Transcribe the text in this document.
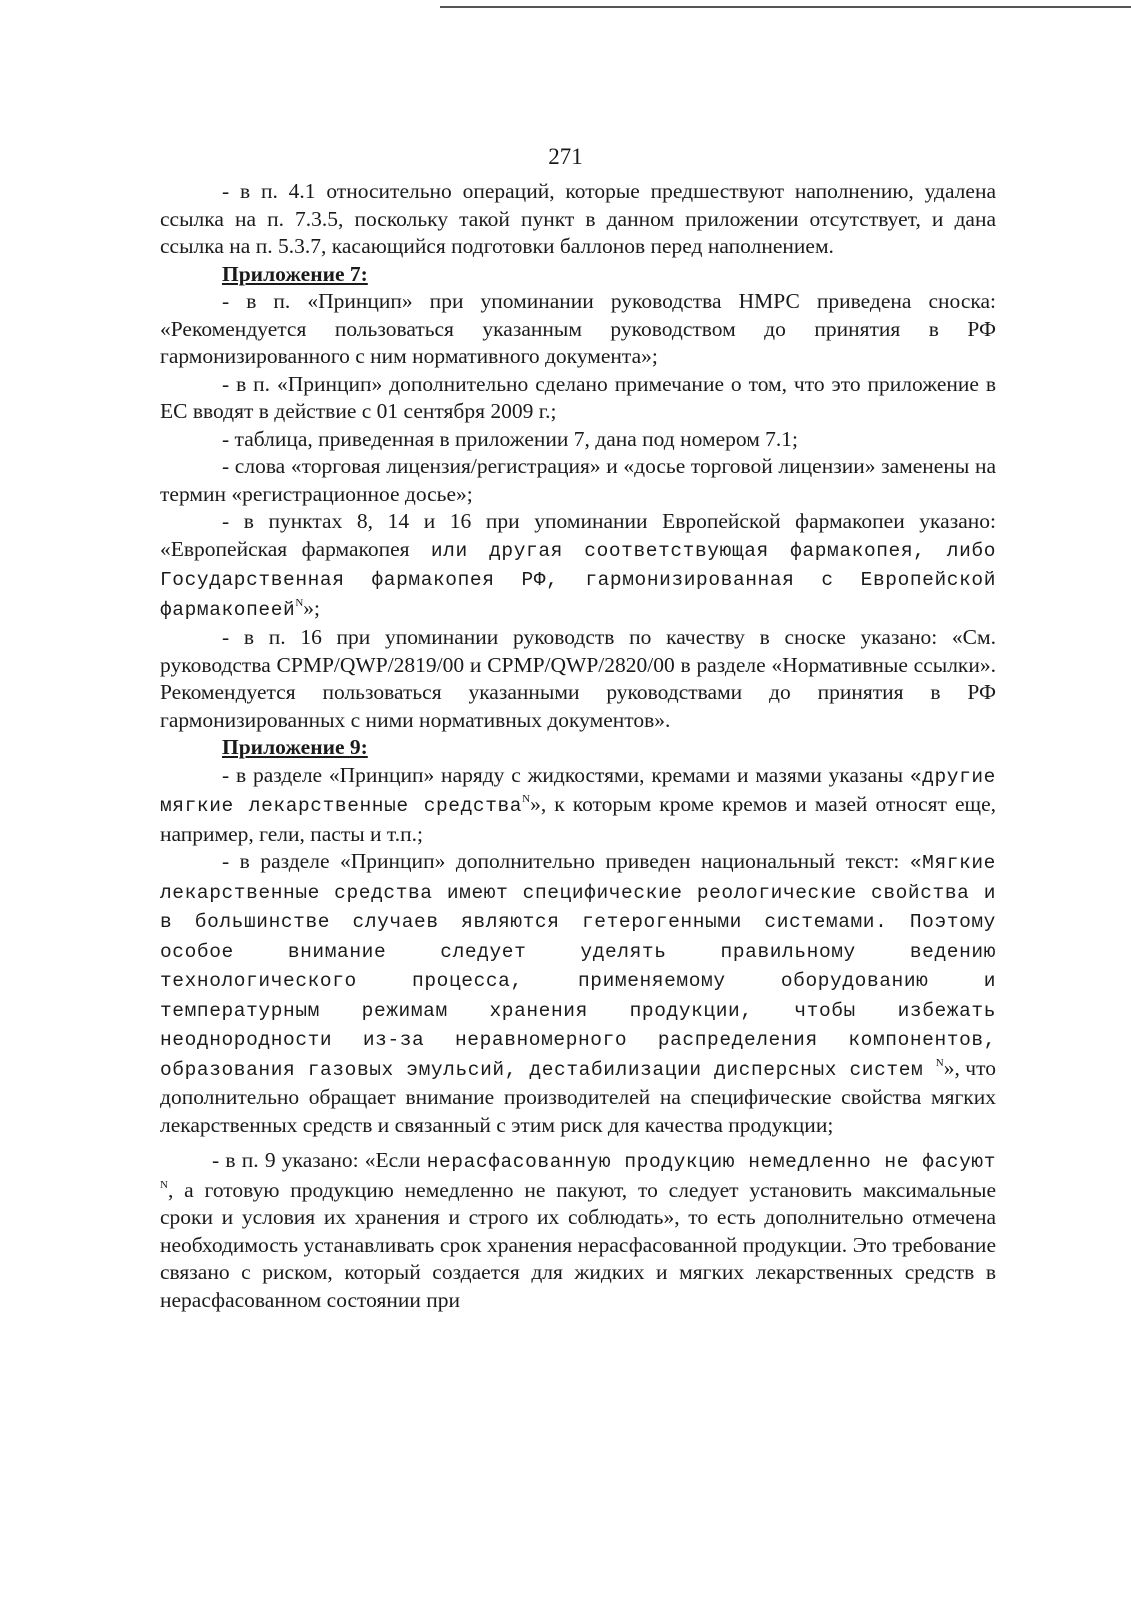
271

- в п. 4.1 относительно операций, которые предшествуют наполнению, удалена ссылка на п. 7.3.5, поскольку такой пункт в данном приложении отсутствует, и дана ссылка на п. 5.3.7, касающийся подготовки баллонов перед наполнением.

Приложение 7:

- в п. «Принцип» при упоминании руководства НМРС приведена сноска: «Рекомендуется пользоваться указанным руководством до принятия в РФ гармонизированного с ним нормативного документа»;

- в п. «Принцип» дополнительно сделано примечание о том, что это приложение в ЕС вводят в действие с 01 сентября 2009 г.;

- таблица, приведенная в приложении 7, дана под номером 7.1;

- слова «торговая лицензия/регистрация» и «досье торговой лицензии» заменены на термин «регистрационное досье»;

- в пунктах 8, 14 и 16 при упоминании Европейской фармакопеи указано: «Европейская фармакопея или другая соответствующая фармакопея, либо Государственная фармакопея РФ, гармонизированная с Европейской фармакопеей$^N$»;

- в п. 16 при упоминании руководств по качеству в сноске указано: «См. руководства CPMP/QWP/2819/00 и CPMP/QWP/2820/00 в разделе «Нормативные ссылки». Рекомендуется пользоваться указанными руководствами до принятия в РФ гармонизированных с ними нормативных документов».

Приложение 9:

- в разделе «Принцип» наряду с жидкостями, кремами и мазями указаны «другие мягкие лекарственные средства$^N$», к которым кроме кремов и мазей относят еще, например, гели, пасты и т.п.;

- в разделе «Принцип» дополнительно приведен национальный текст: «Мягкие лекарственные средства имеют специфические реологические свойства и в большинстве случаев являются гетерогенными системами. Поэтому особое внимание следует уделять правильному ведению технологического процесса, применяемому оборудованию и температурным режимам хранения продукции, чтобы избежать неоднородности из-за неравномерного распределения компонентов, образования газовых эмульсий, дестабилизации дисперсных систем $^N$», что дополнительно обращает внимание производителей на специфические свойства мягких лекарственных средств и связанный с этим риск для качества продукции;

- в п. 9 указано: «Если нерасфасованную продукцию немедленно не фасуют $^N$, а готовую продукцию немедленно не пакуют, то следует установить максимальные сроки и условия их хранения и строго их соблюдать», то есть дополнительно отмечена необходимость устанавливать срок хранения нерасфасованной продукции. Это требование связано с риском, который создается для жидких и мягких лекарственных средств в нерасфасованном состоянии при
